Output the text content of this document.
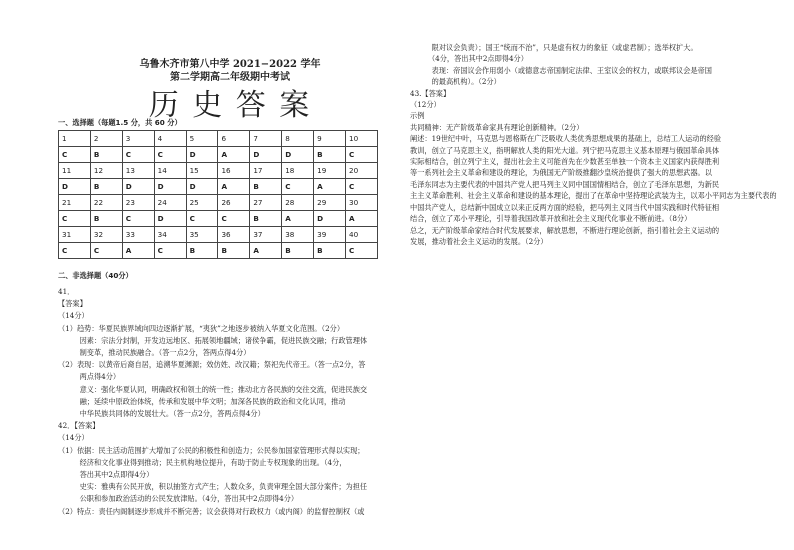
乌鲁木齐市第八中学 2021−2022 学年
第二学期高二年级期中考试
历 史 答 案
一、选择题（每题1.5 分，共 60 分）
1	2	3	4	5	6	7	8	9	10
C	B	C	C	D	A	D	D	B	C
11	12	13	14	15	16	17	18	19	20
D	B	D	D	D	A	B	C	A	C
21	22	23	24	25	26	27	28	29	30
C	B	C	D	C	C	B	A	D	A
31	32	33	34	35	36	37	38	39	40
C	C	A	C	B	B	A	B	B	C
二、非选择题（40分）
41．
【答案】
（14分）
（1）趋势：华夏民族界域向四边逐渐扩展，“夷狄”之地逐步被纳入华夏文化范围。（2分）
　　　因素：宗法分封制，开发边远地区、拓展领地疆域；诸侯争霸，促进民族交融；行政管理体
　　　制变革，推动民族融合。（答一点2分，答两点得4分）
（2）表现：以黄帝后裔自居，追溯华夏渊源；效仿姓、改汉籍；祭祀先代帝王。（答一点2分，答
　　　两点得4分）
　　　意义：强化华夏认同，明确政权和领土的统一性；推动北方各民族的交往交流，促进民族交
　　　融；延续中原政治体统，传承和发展中华文明；加深各民族的政治和文化认同，推动
　　　中华民族共同体的发展壮大。（答一点2分，答两点得4分）
42．【答案】
（14分）
（1）依据：民主活动范围扩大增加了公民的积极性和创造力；公民参加国家管理形式得以实现；
　　　经济和文化事业得到推动；民主机构地位提升，有助于防止专权现象的出现。（4分，
　　　答出其中2点即得4分）
　　　史实：雅典有公民开放，积以抽签方式产生；人数众多，负责审理全国大部分案件；为担任
　　　公职和参加政治活动的公民发放津贴。（4分，答出其中2点即得4分）
（2）特点：责任内阁制逐步形成并不断完善；议会获得对行政权力（或内阁）的监督控制权（或
　　　限对议会负责）；国王“统而不治”，只是虚有权力的象征（或虚君制）；选举权扩大。
　　　（4分，答出其中2点即得4分）
　　　表现：帝国议会作用弱小（或德意志帝国制定法律、王室议会的权力，或联邦议会是帝国
　　　的最高机构）。（2分）
43.【答案】
（12分）
示例
共同精神：无产阶级革命家具有理论创新精神。（2分）
阐述：19世纪中叶，马克思与恩格斯在广泛吸收人类优秀思想成果的基础上，总结工人运动的经验
教训，创立了马克思主义，指明解放人类的阳光大道。列宁把马克思主义基本原理与俄国革命具体
实际相结合，创立列宁主义，提出社会主义可能首先在少数甚至单独一个资本主义国家内获得胜利
等一系列社会主义革命和建设的理论，为俄国无产阶级推翻沙皇统治提供了强大的思想武器。以
毛泽东同志为主要代表的中国共产党人把马列主义同中国国情相结合，创立了毛泽东思想，为新民
主主义革命胜利、社会主义革命和建设的基本理论，提出了在革命中坚持理论武装为主，以邓小平同志为主要代表的
中国共产党人，总结新中国成立以来正反两方面的经验，把马列主义同当代中国实践和时代特征相
结合，创立了邓小平理论，引导着我国改革开放和社会主义现代化事业不断前进。（8分）
总之，无产阶级革命家结合时代发展要求，解放思想，不断进行理论创新，指引着社会主义运动的
发展，推动着社会主义运动的发展。（2分）
